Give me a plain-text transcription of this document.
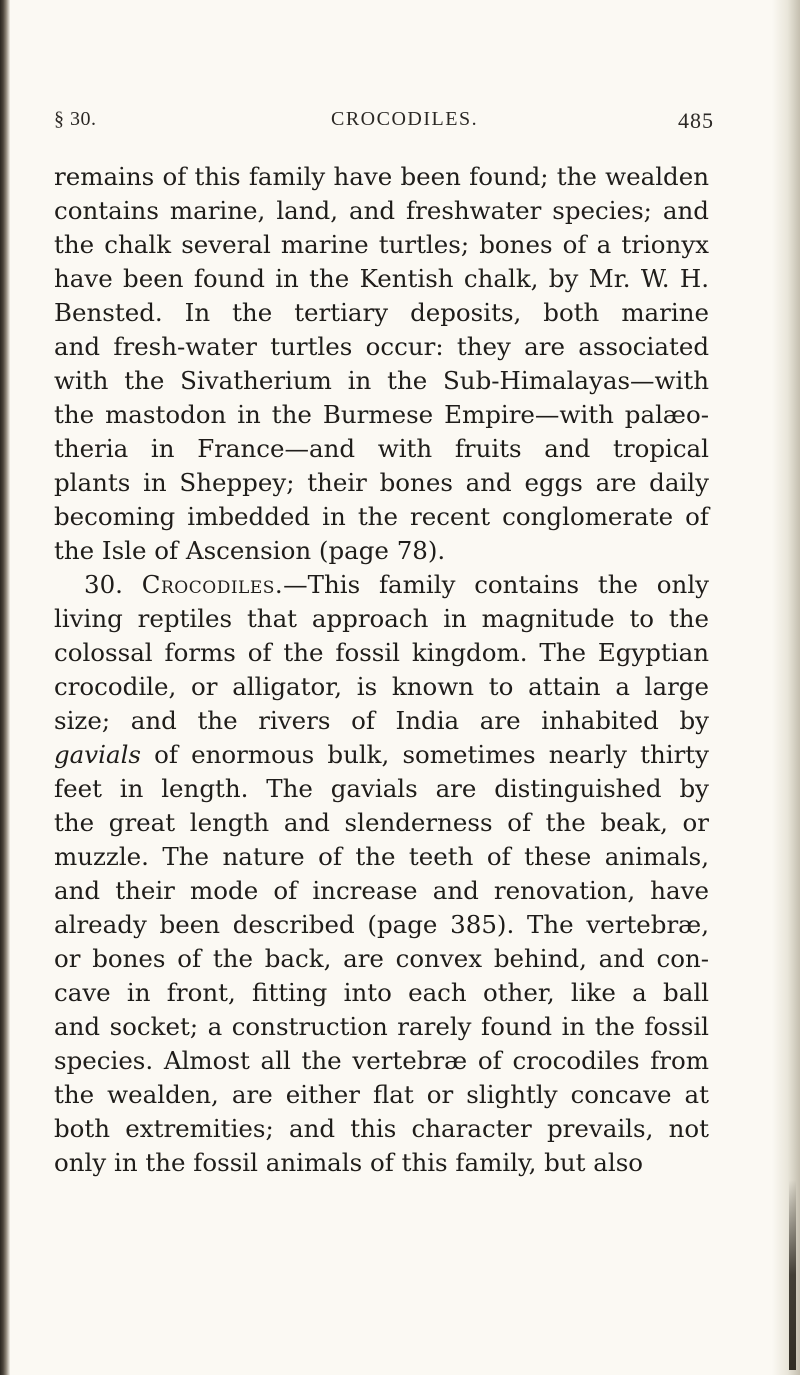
§ 30.	CROCODILES.	485

remains of this family have been found; the wealden
contains marine, land, and freshwater species; and
the chalk several marine turtles; bones of a trionyx
have been found in the Kentish chalk, by Mr. W. H.
Bensted. In the tertiary deposits, both marine
and fresh-water turtles occur: they are associated
with the Sivatherium in the Sub-Himalayas—with
the mastodon in the Burmese Empire—with palæo-
theria in France—and with fruits and tropical
plants in Sheppey; their bones and eggs are daily
becoming imbedded in the recent conglomerate of
the Isle of Ascension (page 78).

30. Crocodiles.—This family contains the only
living reptiles that approach in magnitude to the
colossal forms of the fossil kingdom. The Egyptian
crocodile, or alligator, is known to attain a large
size; and the rivers of India are inhabited by
gavials of enormous bulk, sometimes nearly thirty
feet in length. The gavials are distinguished by
the great length and slenderness of the beak, or
muzzle. The nature of the teeth of these animals,
and their mode of increase and renovation, have
already been described (page 385). The vertebræ,
or bones of the back, are convex behind, and con-
cave in front, fitting into each other, like a ball
and socket; a construction rarely found in the fossil
species. Almost all the vertebræ of crocodiles from
the wealden, are either flat or slightly concave at
both extremities; and this character prevails, not
only in the fossil animals of this family, but also
